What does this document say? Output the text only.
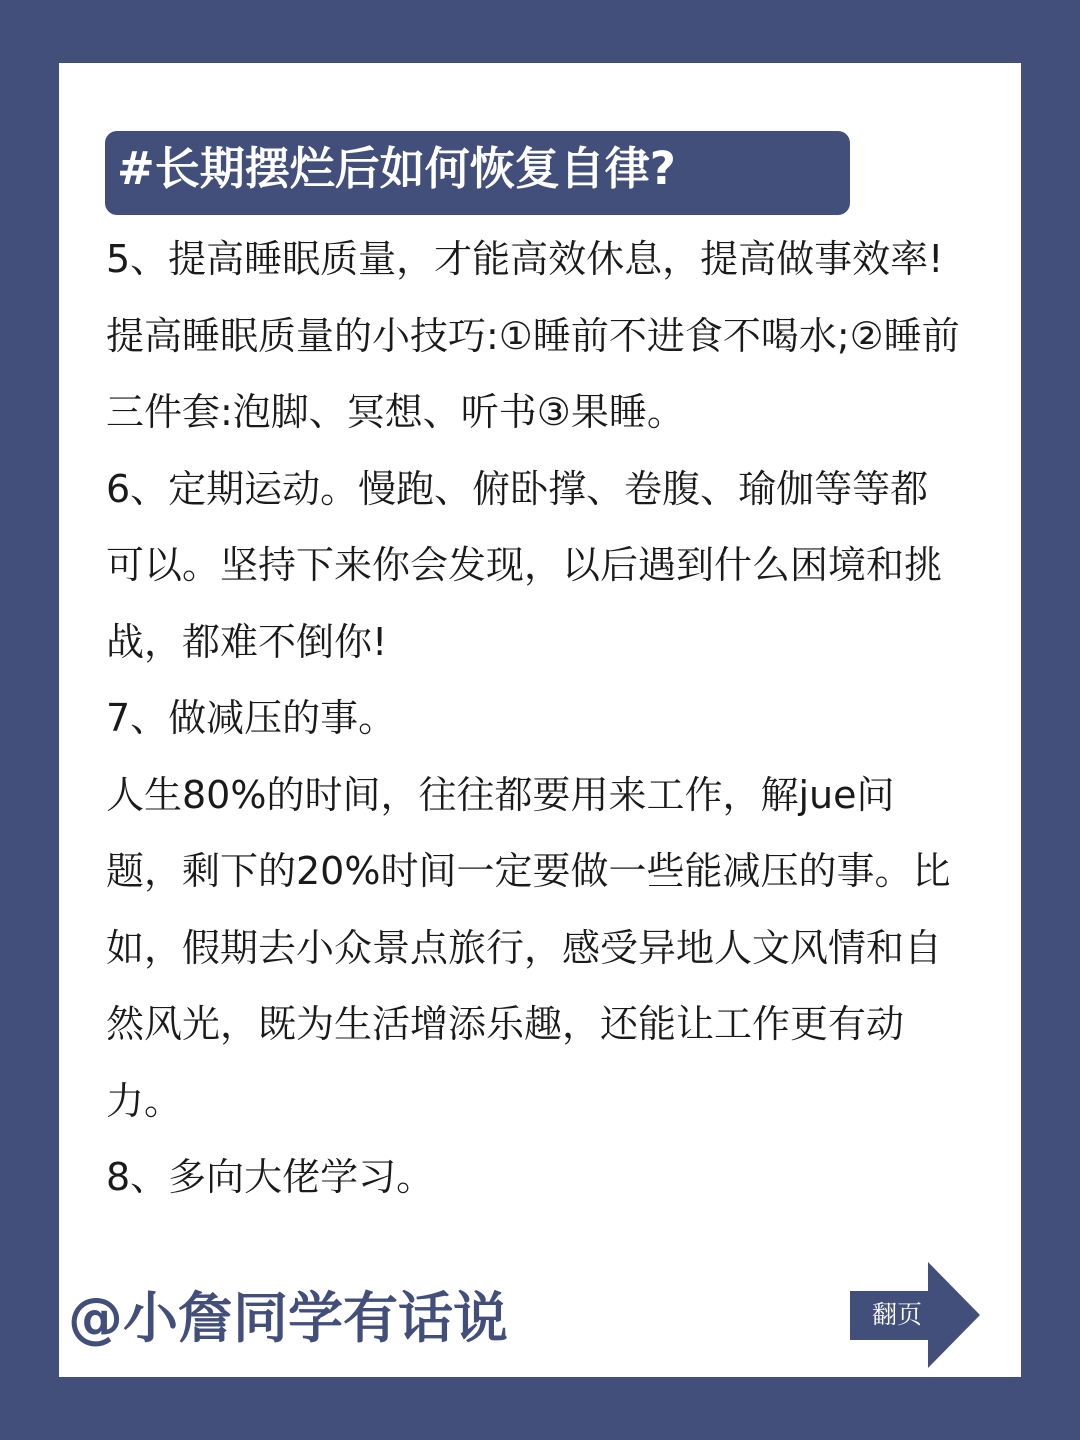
#长期摆烂后如何恢复自律?

5、提高睡眠质量，才能高效休息，提高做事效率!提高睡眠质量的小技巧:①睡前不进食不喝水;②睡前三件套:泡脚、冥想、听书③果睡。

6、定期运动。慢跑、俯卧撑、卷腹、瑜伽等等都可以。坚持下来你会发现，以后遇到什么困境和挑战，都难不倒你!

7、做减压的事。

人生80%的时间，往往都要用来工作，解jue问题，剩下的20%时间一定要做一些能减压的事。比如，假期去小众景点旅行，感受异地人文风情和自然风光，既为生活增添乐趣，还能让工作更有动力。

8、多向大佬学习。

@小詹同学有话说	翻页
